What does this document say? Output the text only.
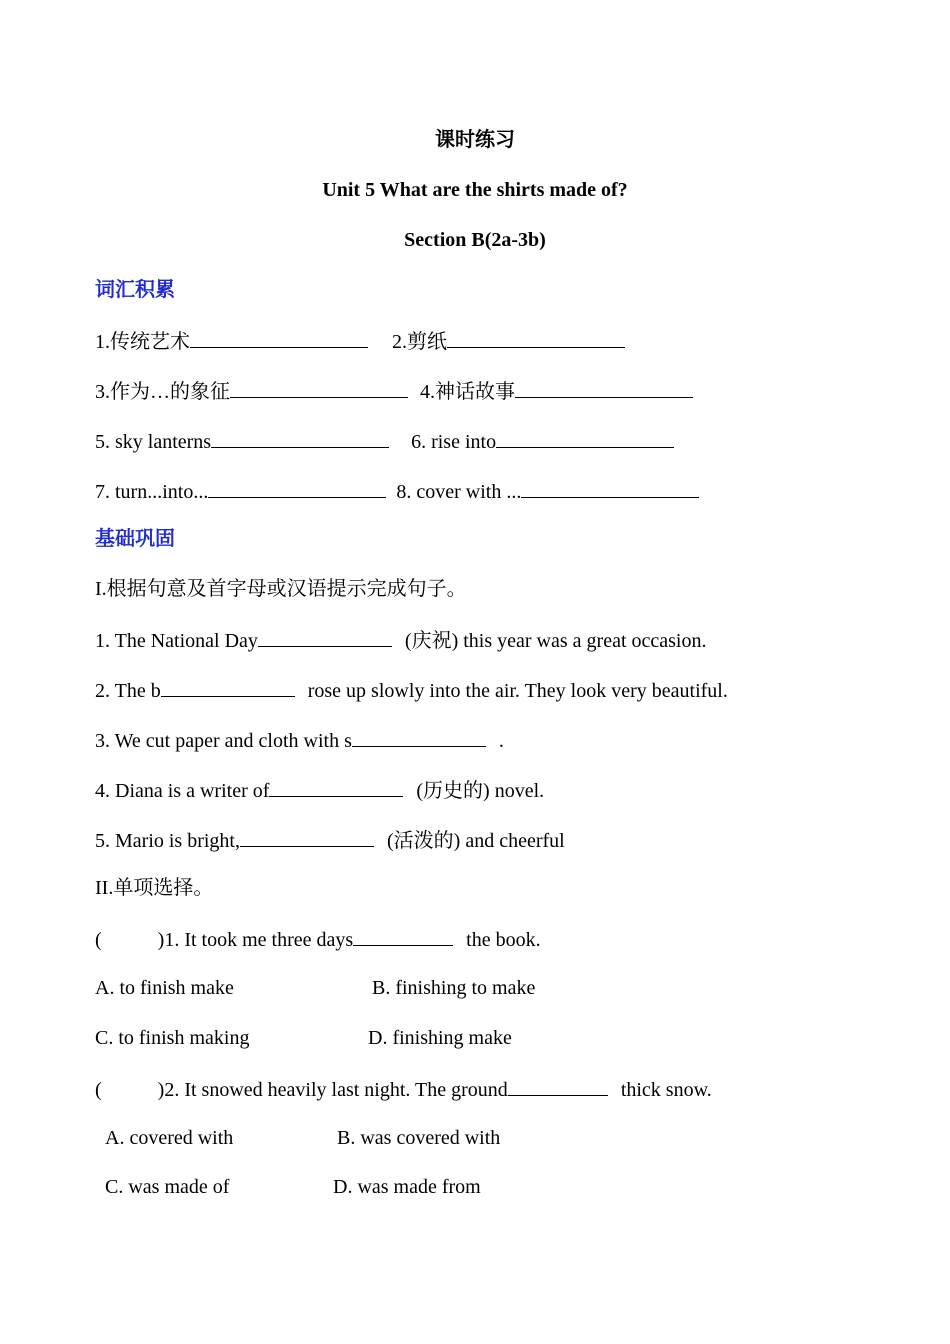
课时练习
Unit 5 What are the shirts made of?
Section B(2a-3b)
词汇积累
1.传统艺术	2.剪纸
3.作为…的象征	4.神话故事
5. sky lanterns	6. rise into
7. turn...into...	8. cover with ...
基础巩固
I.根据句意及首字母或汉语提示完成句子。
1. The National Day	(庆祝) this year was a great occasion.
2. The b	rose up slowly into the air. They look very beautiful.
3. We cut paper and cloth with s	.
4. Diana is a writer of	(历史的) novel.
5. Mario is bright,	(活泼的) and cheerful
II.单项选择。
(	)1. It took me three days	the book.
A. to finish make	B. finishing to make
C. to finish making	D. finishing make
(	)2. It snowed heavily last night. The ground	thick snow.
A. covered with	B. was covered with
C. was made of	D. was made from
